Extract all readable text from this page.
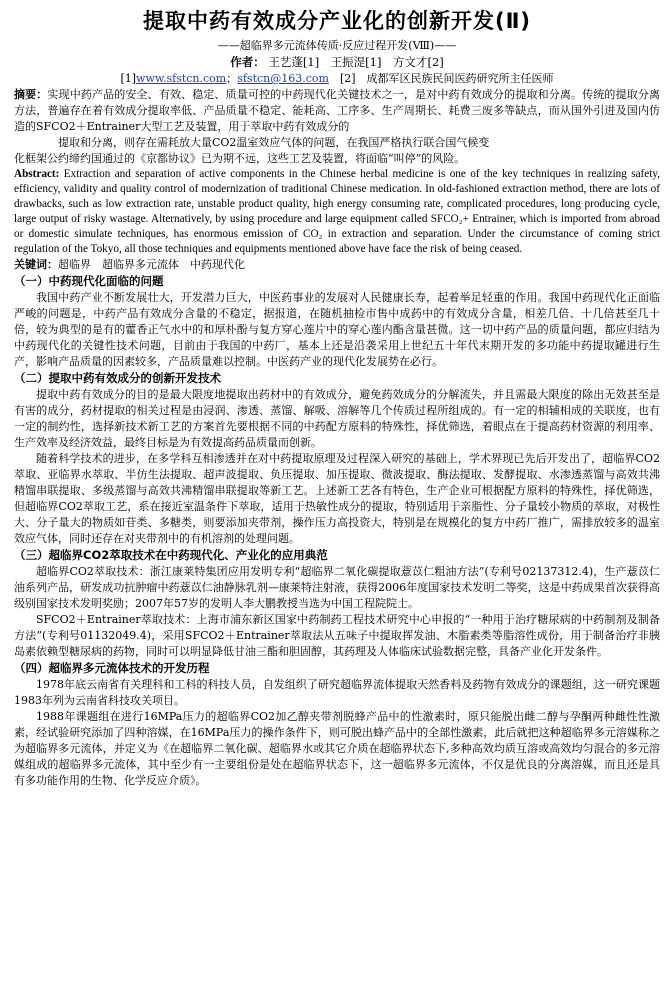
提取中药有效成分产业化的创新开发(Ⅱ)
——超临界多元流体传质·反应过程开发(Ⅷ)——
作者： 王艺蓬[1]　王振湜[1]　方文才[2]
[1]www.sfstcn.com；sfstcn@163.com　[2]　成都军区民族民间医药研究所主任医师

摘要：实现中药产品的安全、有效、稳定、质量可控的中药现代化关键技术之一，是对中药有效成分的提取和分离。传统的提取分离方法，普遍存在着有效成分提取率低、产品质量不稳定、能耗高、工序多、生产周期长、耗费三废多等缺点，而从国外引进及国内仿造的SFCO2＋Entrainer大型工艺及装置，用于萃取中药有效成分的

提取和分离，则存在需耗放大量CO2温室效应气体的问题，在我国严格执行联合国气候变

化框架公约缔约国通过的《京都协议》已为期不远，这些工艺及装置，将面临“叫停”的风险。

Abstract: Extraction and separation of active components in the Chinese herbal medicine is one of the key techniques in realizing safety, efficiency, validity and quality control of modernization of traditional Chinese medication. In old-fashioned extraction method, there are lots of drawbacks, such as low extraction rate, unstable product quality, high energy consuming rate, complicated procedures, long producing cycle, large output of risky wastage. Alternatively, by using procedure and large equipment called SFCO₂+ Entrainer, which is imported from abroad or domestic simulate techniques, has enormous emission of CO₂ in extraction and separation. Under the circumstance of coming strict regulation of the Tokyo, all those techniques and equipments mentioned above have face the risk of being ceased.

关键词：超临界　超临界多元流体　中药现代化

（一）中药现代化面临的问题

我国中药产业不断发展壮大，开发潜力巨大，中医药事业的发展对人民健康长寿，起着举足轻重的作用。我国中药现代化正面临严峻的问题是，中药产品有效成分含量的不稳定，据报道，在随机抽检市售中成药中的有效成分含量，相差几倍、十几倍甚至几十倍，较为典型的是有的藿香正气水中的和厚朴酚与复方穿心莲片中的穿心莲内酯含量甚微。这一切中药产品的质量问题，都应归结为中药现代化的关键性技术问题，目前由于我国的中药厂，基本上还是沿袭采用上世纪五十年代末期开发的多功能中药提取罐进行生产，影响产品质量的因素较多，产品质量难以控制。中医药产业的现代化发展势在必行。

（二）提取中药有效成分的创新开发技术

提取中药有效成分的目的是最大限度地提取出药材中的有效成分，避免药效成分的分解流失，并且需最大限度的除出无效甚至是有害的成分，药材提取的相关过程是由浸润、渗透、蒸馏、解吸、溶解等几个传质过程所组成的。有一定的相辅相成的关联度，也有一定的制约性，选择新技术新工艺的方案首先要根据不同的中药配方原料的特殊性，择优筛选，着眼点在于提高药材资源的利用率、生产效率及经济效益，最终目标是为有效提高药品质量而创新。

随着科学技术的进步，在多学科互相渗透并在对中药提取原理及过程深入研究的基础上，学术界现已先后开发出了，超临界CO2萃取、亚临界水萃取、半仿生法提取、超声波提取、负压提取、加压提取、微波提取、酶法提取、发酵提取、水渗透蒸馏与高效共沸精馏串联提取、多级蒸馏与高效共沸精馏串联提取等新工艺。上述新工艺各有特色，生产企业可根据配方原料的特殊性，择优筛选，但超临界CO2萃取工艺，系在接近室温条件下萃取，适用于热敏性成分的提取，特别适用于亲脂性、分子量较小物质的萃取，对极性大、分子量大的物质如苷类、多糖类，则要添加夹带剂，操作压力高投资大，特别是在规模化的复方中药厂推广，需排放较多的温室效应气体，同时还存在对夹带剂中的有机溶剂的处理问题。

（三）超临界CO2萃取技术在中药现代化、产业化的应用典范

超临界CO2萃取技术：浙江康莱特集团应用发明专利“超临界二氧化碳提取薏苡仁粗油方法”(专利号02137312.4)，生产薏苡仁油系列产品，研发成功抗肿瘤中药薏苡仁油静脉乳剂—康莱特注射液，获得2006年度国家技术发明二等奖，这是中药成果首次获得高级别国家技术发明奖励；2007年57岁的发明人李大鹏教授当选为中国工程院院士。

SFCO2＋Entrainer萃取技术：上海市浦东新区国家中药制药工程技术研究中心申报的“一种用于治疗糖尿病的中药制剂及制备方法”(专利号01132049.4)，采用SFCO2＋Entrainer萃取法从五味子中提取挥发油、木脂素类等脂溶性成份，用于制备治疗非胰岛素依赖型糖尿病的药物，同时可以明显降低甘油三酯和胆固醇，其药理及人体临床试验数据完整，具备产业化开发条件。

（四）超临界多元流体技术的开发历程

1978年底云南省有关理科和工科的科技人员，自发组织了研究超临界流体提取天然香料及药物有效成分的课题组，这一研究课题1983年列为云南省科技攻关项目。

1988年课题组在进行16MPa压力的超临界CO2加乙醇夹带剂脱蜂产品中的性激素时，原只能脱出雌二醇与孕酮两种雌性性激素，经试验研究添加了四种溶媒，在16MPa压力的操作条件下，则可脱出蜂产品中的全部性激素，此后就把这种超临界多元溶媒称之为超临界多元流体，并定义为《在超临界二氧化碳、超临界水或其它介质在超临界状态下,多种高效均质互溶或高效均匀混合的多元溶媒组成的超临界多元流体，其中至少有一主要组份是处在超临界状态下，这一超临界多元流体，不仅是优良的分离溶媒，而且还是具有多功能作用的生物、化学反应介质》。
